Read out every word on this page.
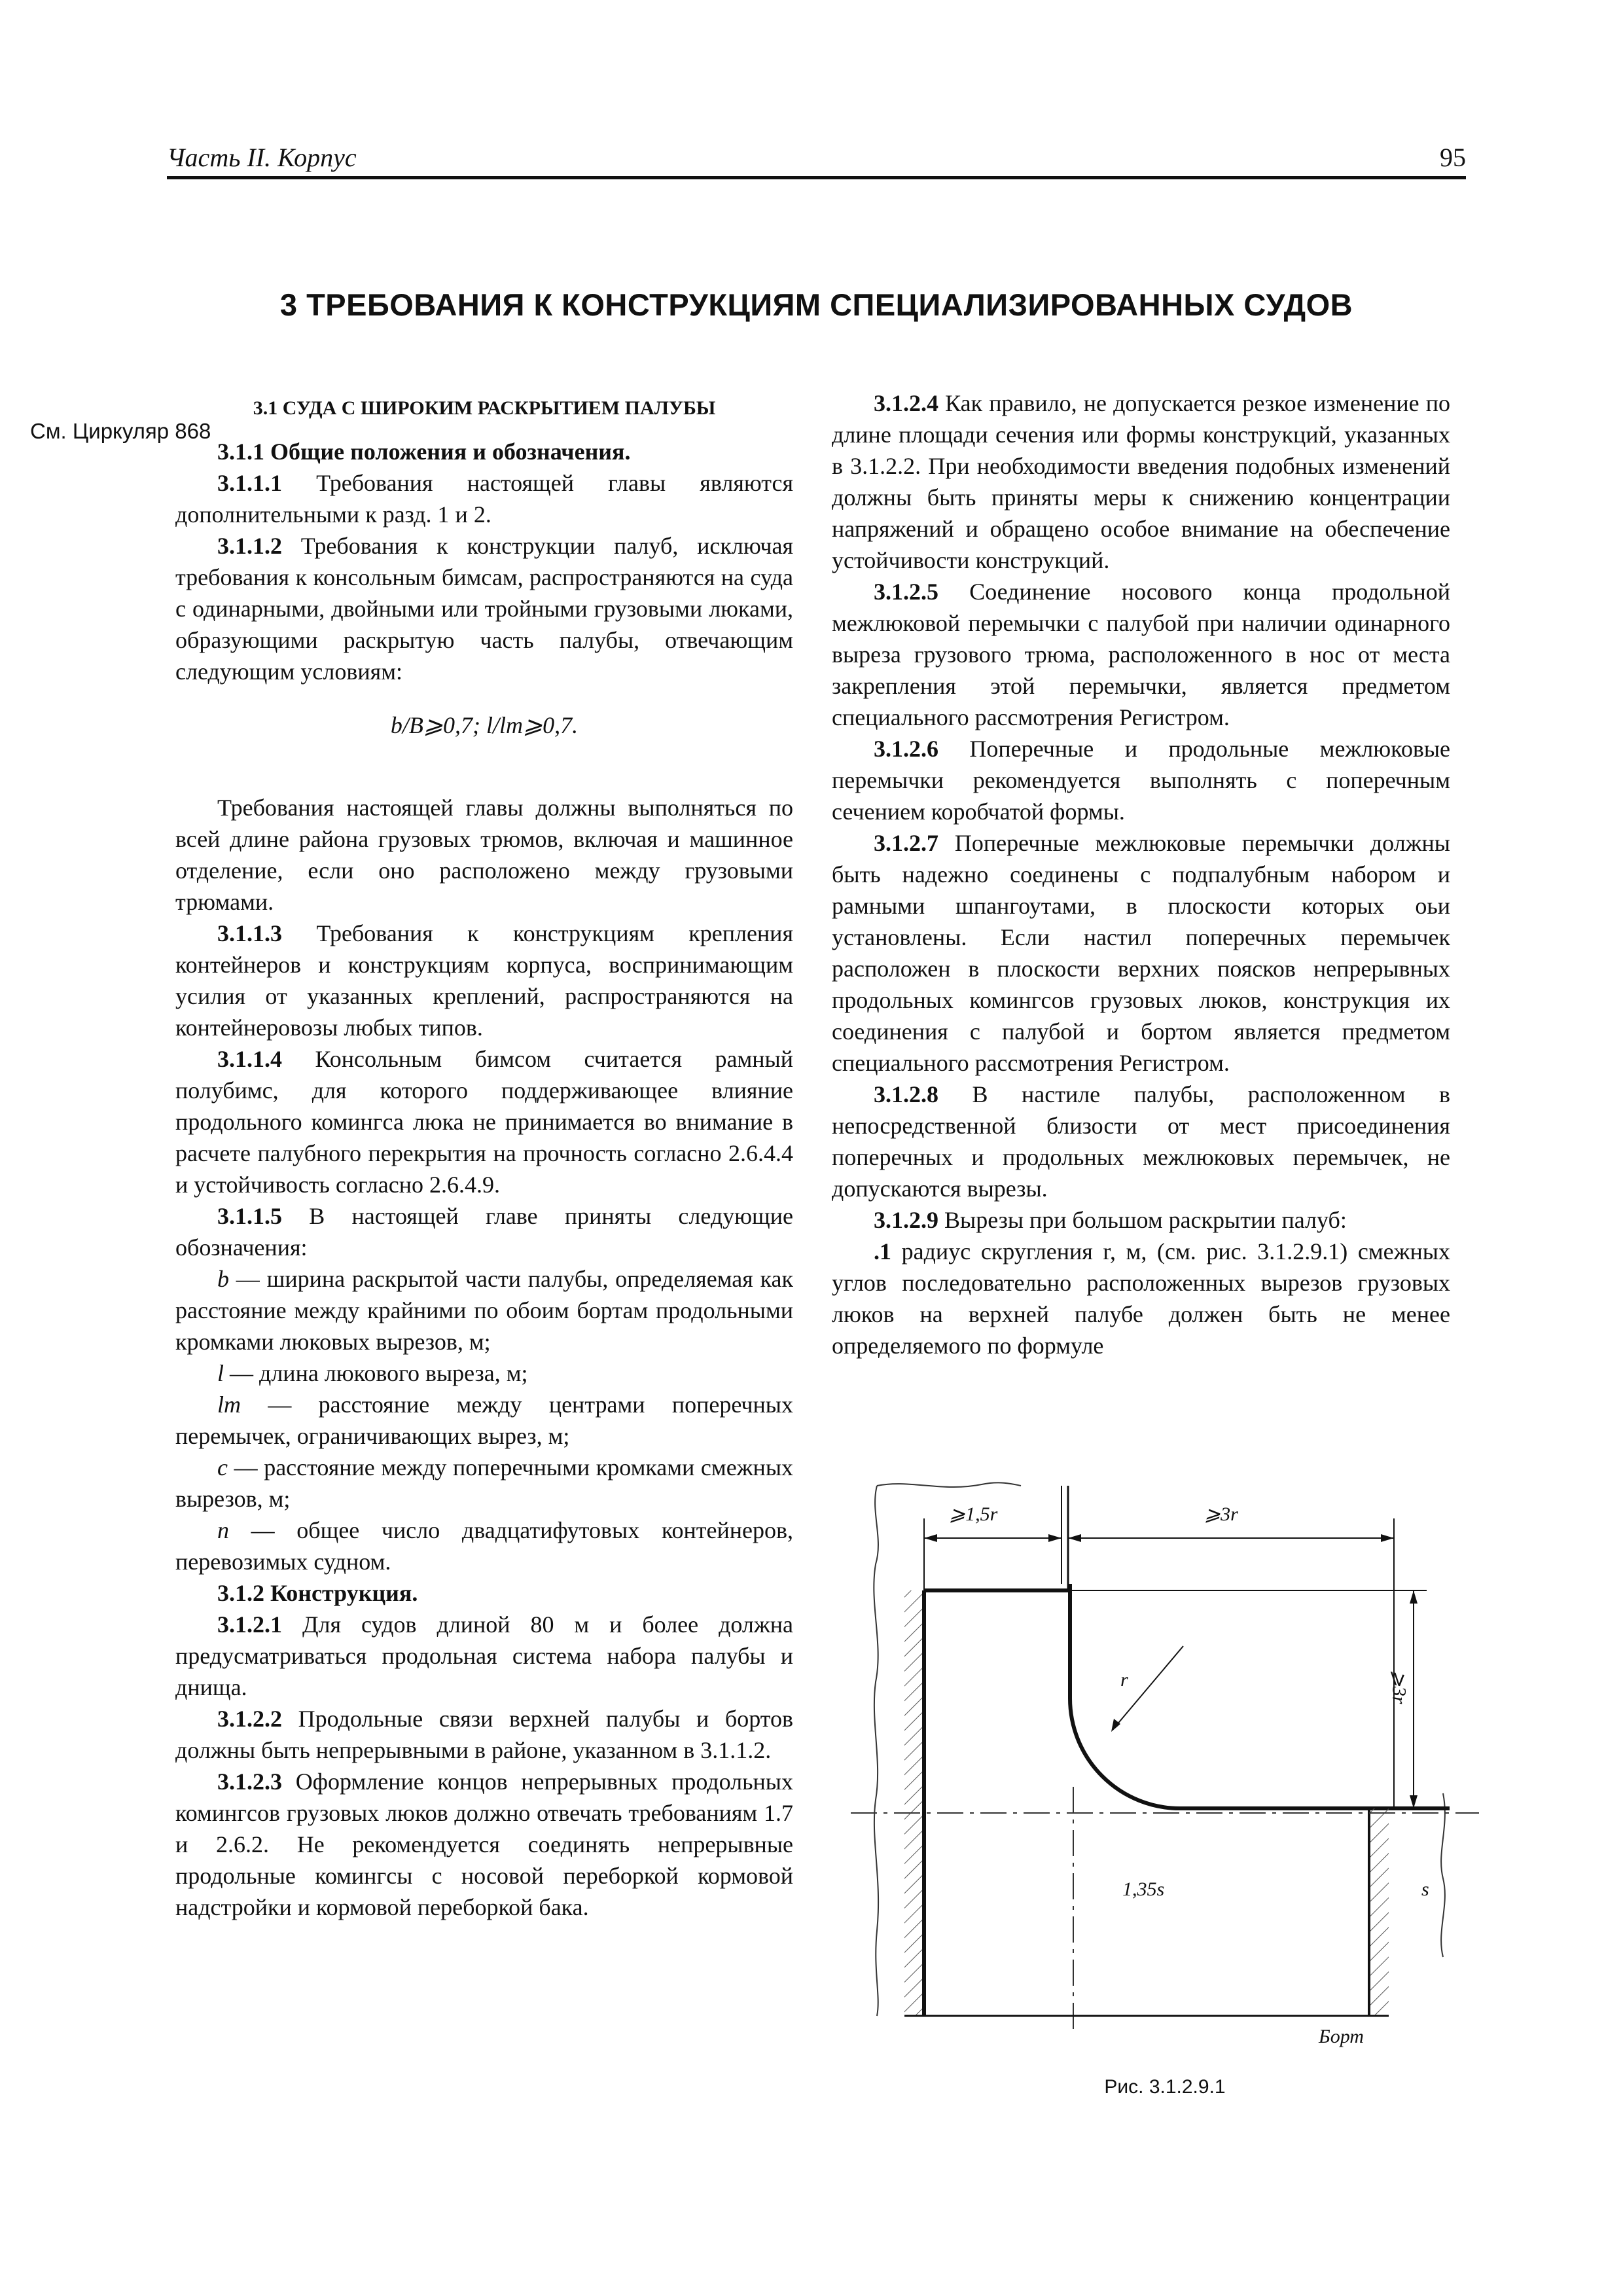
Часть II. Корпус	95
3 ТРЕБОВАНИЯ К КОНСТРУКЦИЯМ СПЕЦИАЛИЗИРОВАННЫХ СУДОВ
См. Циркуляр 868

3.1 СУДА С ШИРОКИМ РАСКРЫТИЕМ ПАЛУБЫ

3.1.1 Общие положения и обозначения.

3.1.1.1 Требования настоящей главы являются дополнительными к разд. 1 и 2.

3.1.1.2 Требования к конструкции палуб, исключая требования к консольным бимсам, распространяются на суда с одинарными, двойными или тройными грузовыми люками, образующими раскрытую часть палубы, отвечающим следующим условиям:

b/B⩾0,7; l/lm⩾0,7.

Требования настоящей главы должны выполняться по всей длине района грузовых трюмов, включая и машинное отделение, если оно расположено между грузовыми трюмами.

3.1.1.3 Требования к конструкциям крепления контейнеров и конструкциям корпуса, воспринимающим усилия от указанных креплений, распространяются на контейнеровозы любых типов.

3.1.1.4 Консольным бимсом считается рамный полубимс, для которого поддерживающее влияние продольного комингса люка не принимается во внимание в расчете палубного перекрытия на прочность согласно 2.6.4.4 и устойчивость согласно 2.6.4.9.

3.1.1.5 В настоящей главе приняты следующие обозначения:

b — ширина раскрытой части палубы, определяемая как расстояние между крайними по обоим бортам продольными кромками люковых вырезов, м;

l — длина люкового выреза, м;

lm — расстояние между центрами поперечных перемычек, ограничивающих вырез, м;

c — расстояние между поперечными кромками смежных вырезов, м;

n — общее число двадцатифутовых контейнеров, перевозимых судном.

3.1.2 Конструкция.

3.1.2.1 Для судов длиной 80 м и более должна предусматриваться продольная система набора палубы и днища.

3.1.2.2 Продольные связи верхней палубы и бортов должны быть непрерывными в районе, указанном в 3.1.1.2.

3.1.2.3 Оформление концов непрерывных продольных комингсов грузовых люков должно отвечать требованиям 1.7 и 2.6.2. Не рекомендуется соединять непрерывные продольные комингсы с носовой переборкой кормовой надстройки и кормовой переборкой бака.

3.1.2.4 Как правило, не допускается резкое изменение по длине площади сечения или формы конструкций, указанных в 3.1.2.2. При необходимости введения подобных изменений должны быть приняты меры к снижению концентрации напряжений и обращено особое внимание на обеспечение устойчивости конструкций.

3.1.2.5 Соединение носового конца продольной межлюковой перемычки с палубой при наличии одинарного выреза грузового трюма, расположенного в нос от места закрепления этой перемычки, является предметом специального рассмотрения Регистром.

3.1.2.6 Поперечные и продольные межлюковые перемычки рекомендуется выполнять с поперечным сечением коробчатой формы.

3.1.2.7 Поперечные межлюковые перемычки должны быть надежно соединены с подпалубным набором и рамными шпангоутами, в плоскости которых оьи установлены. Если настил поперечных перемычек расположен в плоскости верхних поясков непрерывных продольных комингсов грузовых люков, конструкция их соединения с палубой и бортом является предметом специального рассмотрения Регистром.

3.1.2.8 В настиле палубы, расположенном в непосредственной близости от мест присоединения поперечных и продольных межлюковых перемычек, не допускаются вырезы.

3.1.2.9 Вырезы при большом раскрытии палуб:

.1 радиус скругления r, м, (см. рис. 3.1.2.9.1) смежных углов последовательно расположенных вырезов грузовых люков на верхней палубе должен быть не менее определяемого по формуле

⩾1,5r	⩾3r
⩾3r
r
1,35s	s
Борт
Рис. 3.1.2.9.1
